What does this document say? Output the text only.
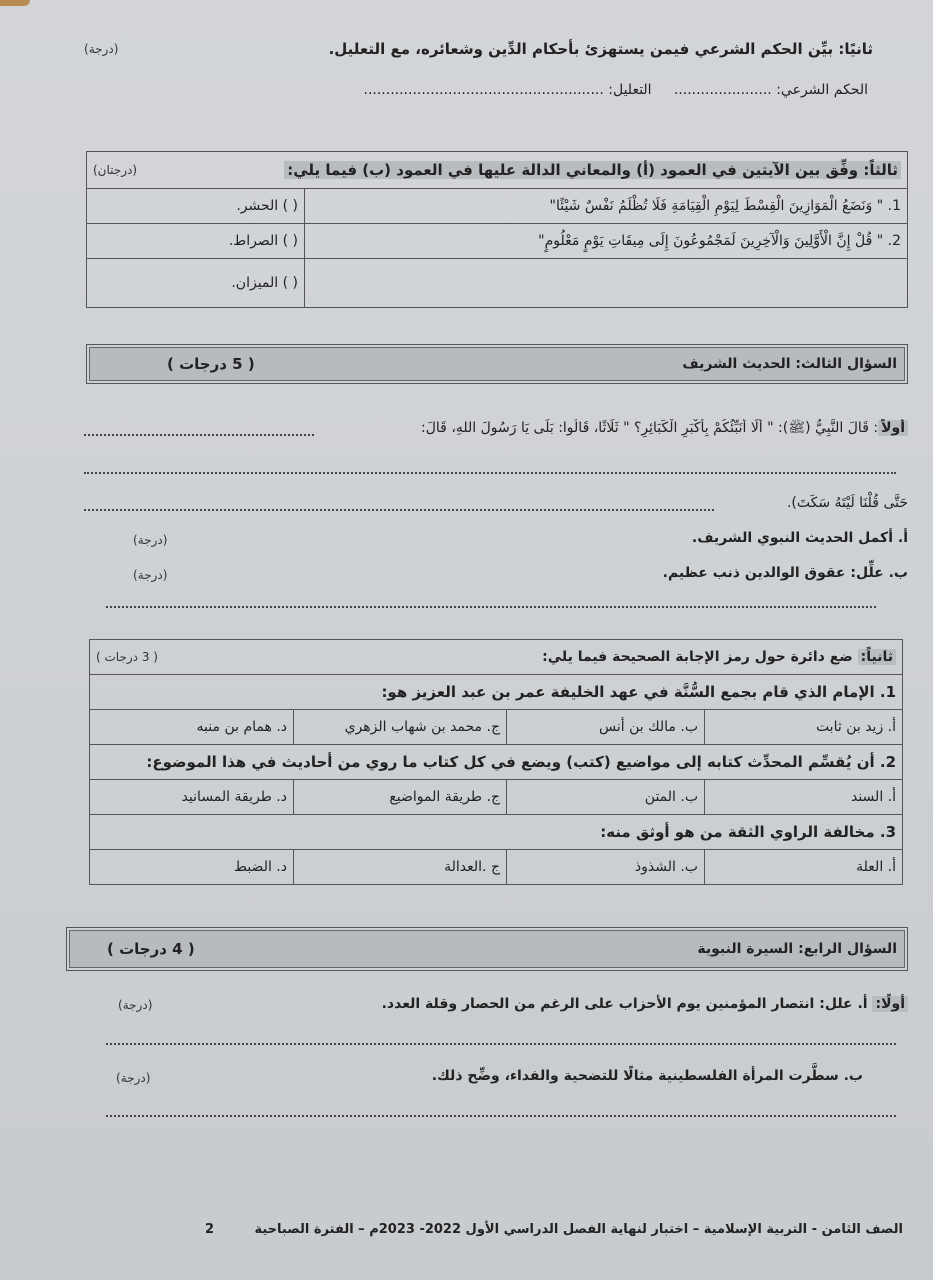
ثانيًا: بيِّن الحكم الشرعي فيمن يستهزئ بأحكام الدِّين وشعائره، مع التعليل.
(درجة)
الحكم الشرعي: ......................     التعليل: ......................................................
ثالثاً: وفِّق بين الآيتين في العمود (أ) والمعاني الدالة عليها في العمود (ب) فيما يلي:
(درجتان)	

1. " وَنَضَعُ الْمَوَازِينَ الْقِسْطَ لِيَوْمِ الْقِيَامَةِ فَلَا تُظْلَمُ نَفْسٌ شَيْئًا"	( ) الحشر.
2. " قُلْ إِنَّ الْأَوَّلِينَ وَالْآخِرِينَ لَمَجْمُوعُونَ إِلَى مِيقَاتِ يَوْمٍ مَعْلُومٍ"	( ) الصراط.
	( ) الميزان.
السؤال الثالث: الحديث الشريف
( 5 درجات )
أولاً: قَالَ النَّبِيُّ (ﷺ): " أَلَا أُنَبِّئُكُمْ بِأَكْبَرِ الْكَبَائِرِ؟ " ثَلَاثًا، قَالُوا: بَلَى يَا رَسُولَ اللهِ، قَالَ:
حَتَّى قُلْنَا لَيْتَهُ سَكَتَ).
أ. أكمل الحديث النبوي الشريف.
(درجة)
ب. علِّل: عقوق الوالدين ذنب عظيم.
(درجة)
ثانياً: ضع دائرة حول رمز الإجابة الصحيحة فيما يلي:
( 3 درجات )			

1. الإمام الذي قام بجمع السُّنَّة في عهد الخليفة عمر بن عبد العزيز هو:			
أ. زيد بن ثابت	ب. مالك بن أنس	ج. محمد بن شهاب الزهري	د. همام بن منبه
2. أن يُقسِّم المحدِّث كتابه إلى مواضيع (كتب) ويضع في كل كتاب ما روي من أحاديث في هذا الموضوع:			
أ. السند	ب. المتن	ج. طريقة المواضيع	د. طريقة المسانيد
3. مخالفة الراوي الثقة من هو أوثق منه:			
أ. العلة	ب. الشذوذ	ج .العدالة	د. الضبط
السؤال الرابع: السيرة النبوية
( 4 درجات )
أولًا: أ. علل: انتصار المؤمنين يوم الأحزاب على الرغم من الحصار وقلة العدد.
(درجة)
ب. سطَّرت المرأة الفلسطينية مثالًا للتضحية والفداء، وضِّح ذلك.
(درجة)
الصف الثامن - التربية الإسلامية – اختبار لنهاية الفصل الدراسي الأول 2022- 2023م – الفترة الصباحية
2
